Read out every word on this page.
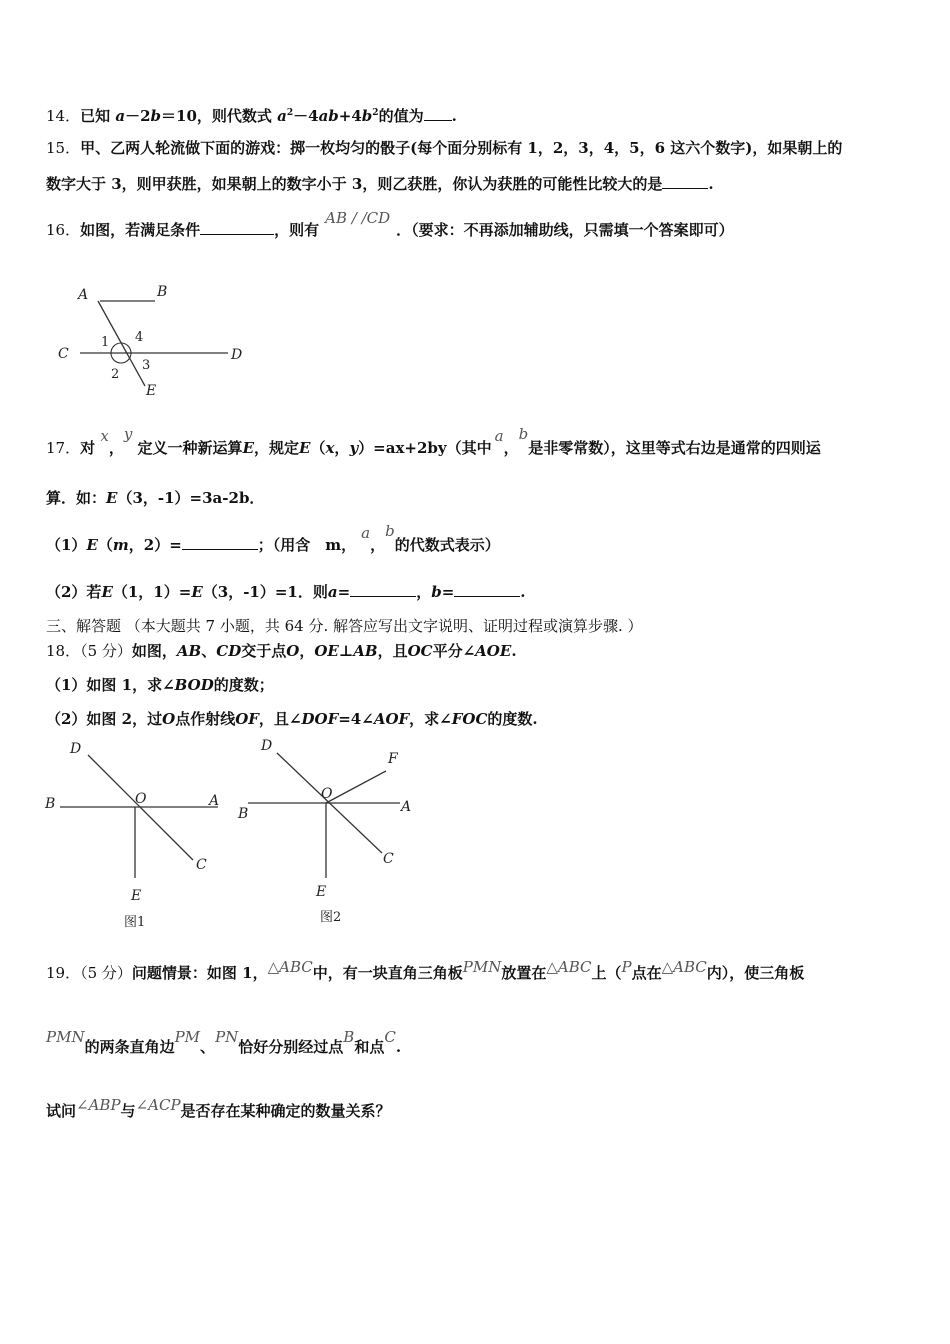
14．已知 a－2b＝10，则代数式 $a^2-4ab+4b^2$的值为 .
15．甲、乙两人轮流做下面的游戏：掷一枚均匀的骰子(每个面分别标有 1，2，3，4，5，6 这六个数字)，如果朝上的
数字大于 3，则甲获胜，如果朝上的数字小于 3，则乙获胜，你认为获胜的可能性比较大的是	.
16．如图，若满足条件	，则有AB / /CD．（要求：不再添加辅助线，只需填一个答案即可）
A	B
C	D
E
1
2
3
4
17．对 x，y 定义一种新运算E，规定E（x，y）=ax+2by（其中a，b是非零常数），这里等式右边是通常的四则运
算．如：E（3，-1）=3a-2b．
（1）E（m，2）=	；（用含　m，a，b的代数式表示）
（2）若E（1，1）=E（3，-1）=1．则a=	，b=	.
三、解答题 （本大题共 7 小题，共 64 分. 解答应写出文字说明、证明过程或演算步骤. ）
18．（5 分）如图，AB、CD交于点O，OE⊥AB，且OC平分∠AOE.
（1）如图 1，求∠BOD的度数；
（2）如图 2，过O点作射线OF，且∠DOF=4∠AOF，求∠FOC的度数.
D
B	O	A
C
E
图1
D
F
B
O
A
C
E
图2
19．（5 分）问题情景：如图 1，△ABC中，有一块直角三角板PMN放置在△ABC上（P点在△ABC内），使三角板
PMN的两条直角边PM、PN恰好分别经过点B和点C.
试问∠ABP与∠ACP是否存在某种确定的数量关系？
